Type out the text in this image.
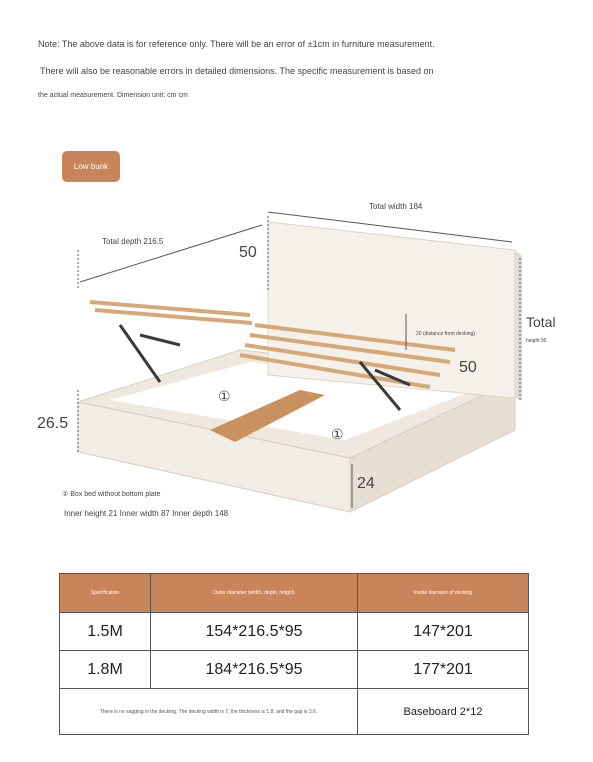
Note: The above data is for reference only. There will be an error of ±1cm in furniture measurement.
There will also be reasonable errors in detailed dimensions. The specific measurement is based on
the actual measurement. Dimension unit: cm cm
Low bunk
Total width 184
Total depth 216.5
50
Total
height 95
20 (distance from decking)
50
26.5
24
①
①
① Box bed without bottom plate
Inner height 21 Inner width 87 Inner depth 148
Specification	Outer diameter (width, depth, height)	Inside diameter of decking
1.5M	154*216.5*95	147*201
1.8M	184*216.5*95	177*201
There is no sagging in the decking. The decking width is 7, the thickness is 1.8, and the gap is 3.6.		Baseboard 2*12
